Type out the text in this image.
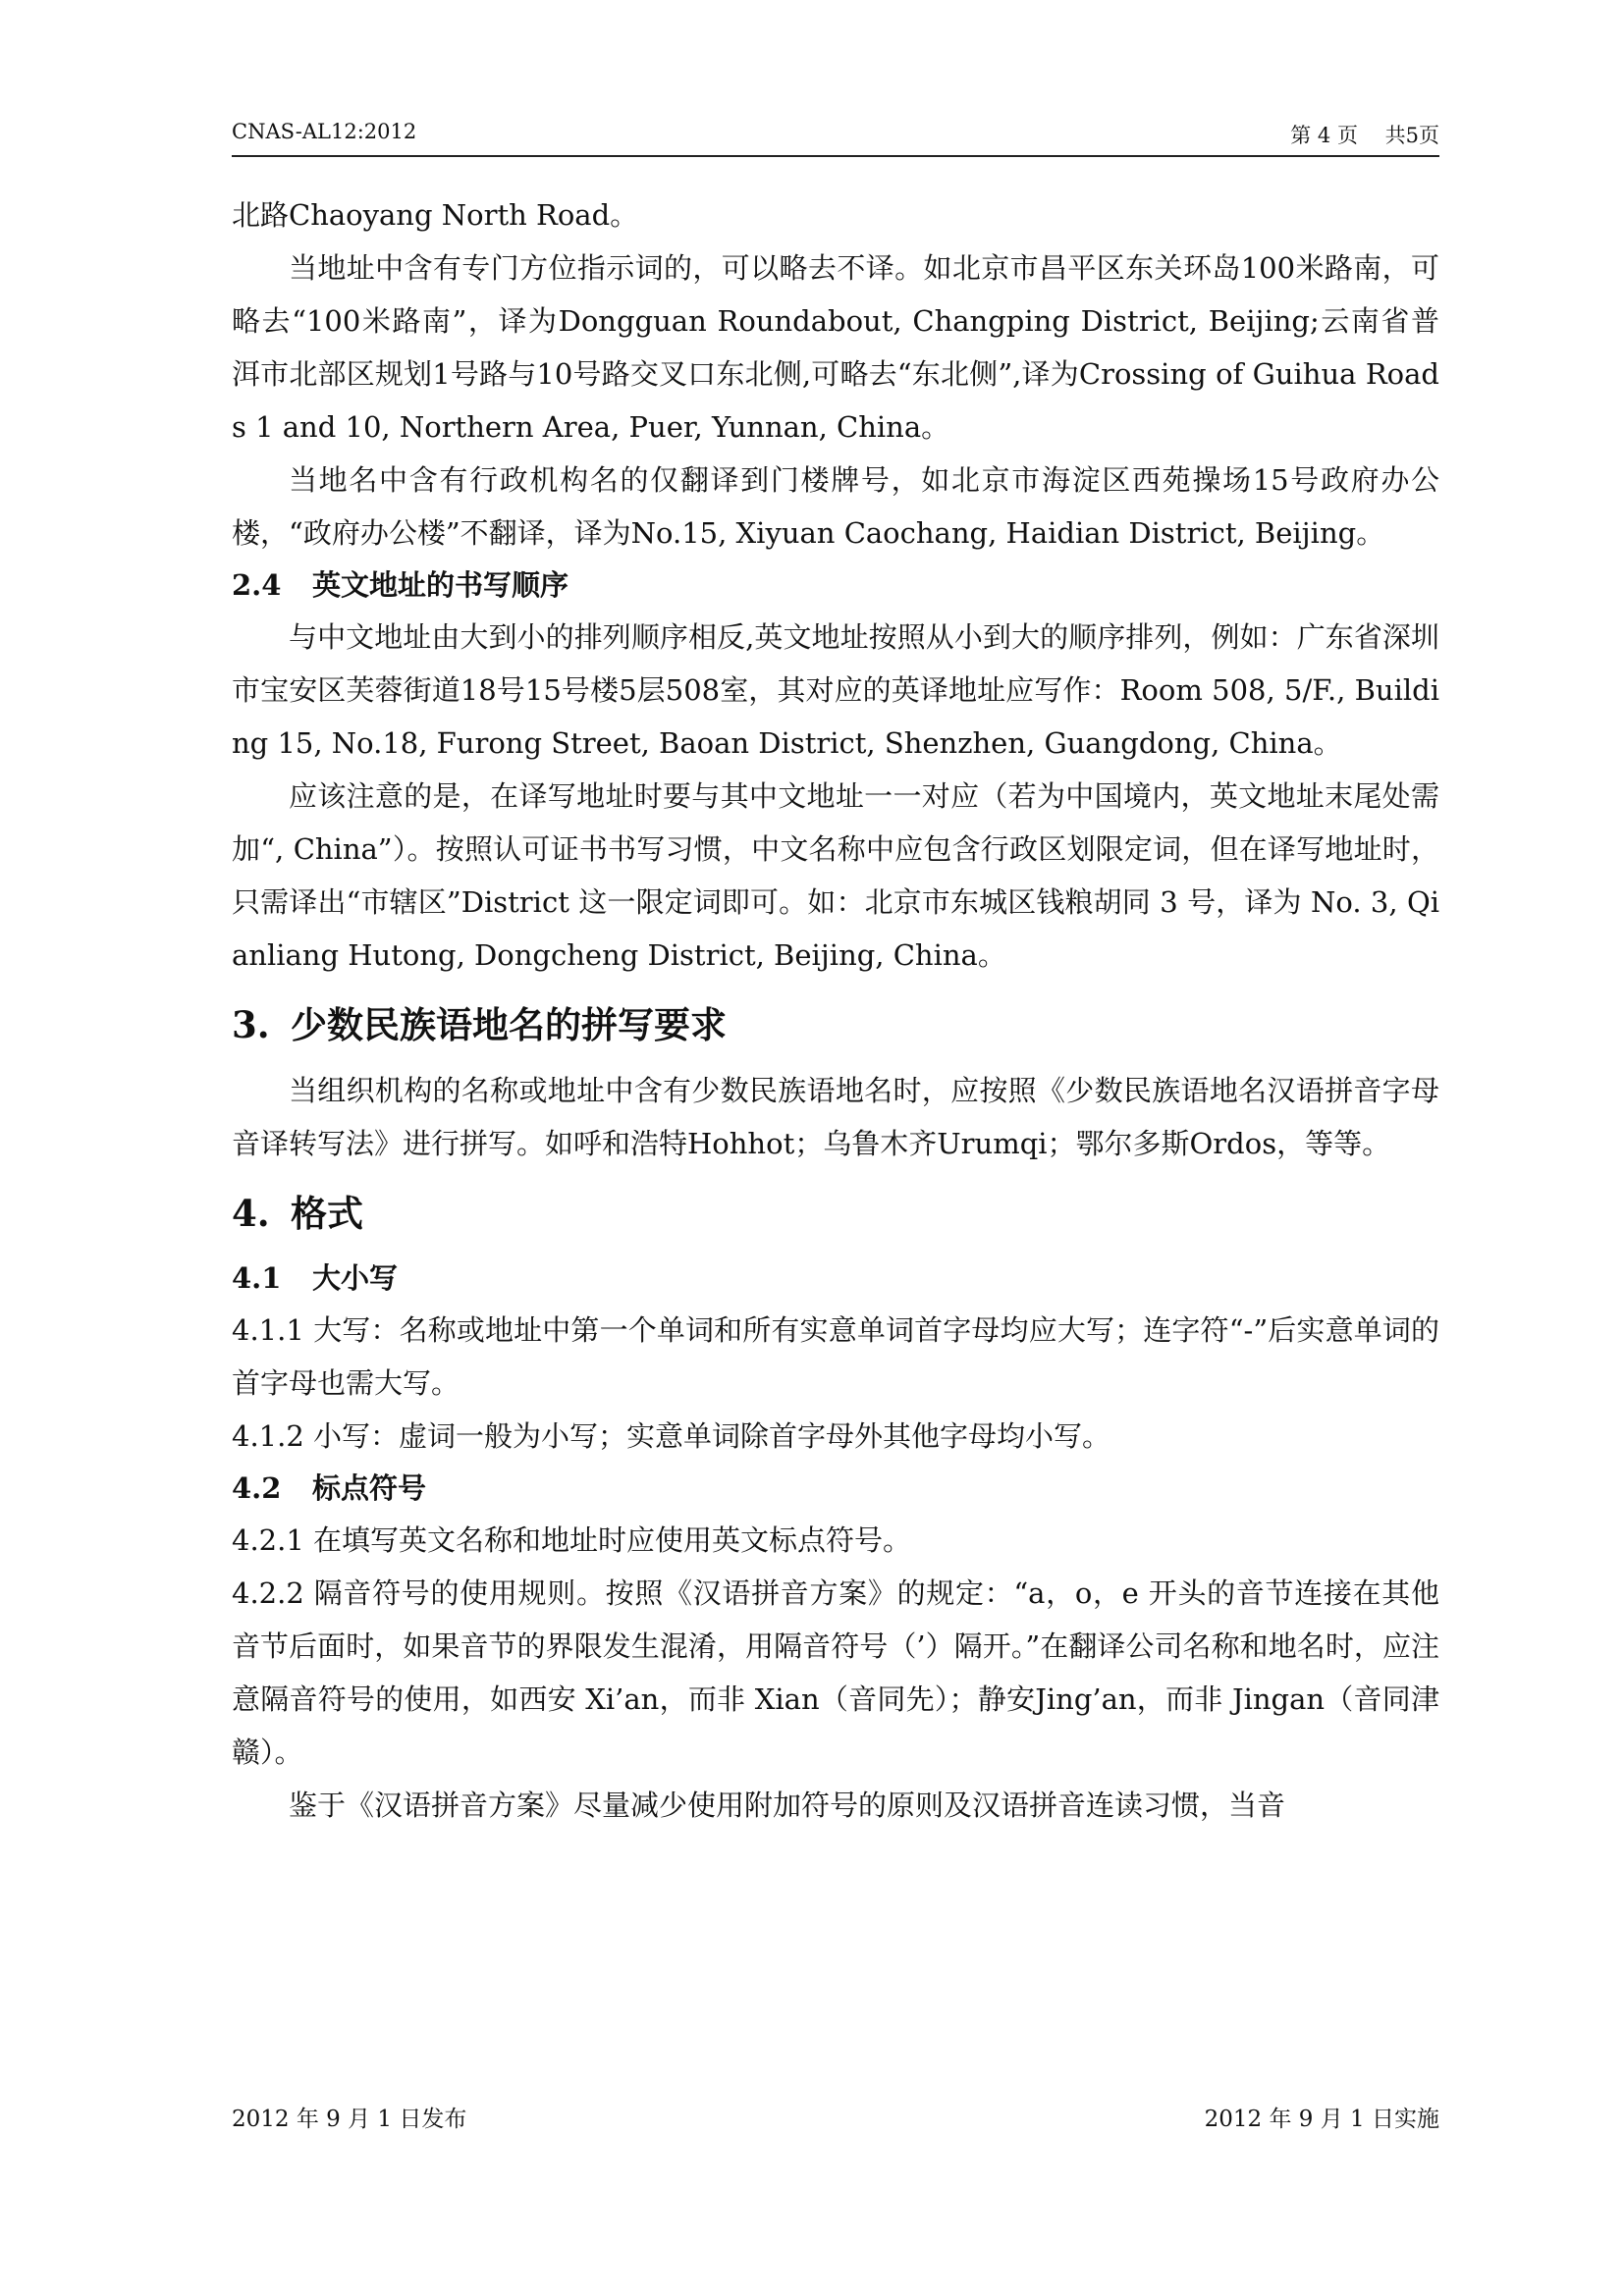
CNAS-AL12:2012	第 4 页　 共5页

北路Chaoyang North Road。

当地址中含有专门方位指示词的，可以略去不译。如北京市昌平区东关环岛100米路南，可略去“100米路南”，译为Dongguan Roundabout, Changping District, Beijing;云南省普洱市北部区规划1号路与10号路交叉口东北侧,可略去“东北侧”,译为Crossing of Guihua Roads 1 and 10, Northern Area, Puer, Yunnan, China。

当地名中含有行政机构名的仅翻译到门楼牌号，如北京市海淀区西苑操场15号政府办公楼，“政府办公楼”不翻译，译为No.15, Xiyuan Caochang, Haidian District, Beijing。

2.4 英文地址的书写顺序

与中文地址由大到小的排列顺序相反,英文地址按照从小到大的顺序排列，例如：广东省深圳市宝安区芙蓉街道18号15号楼5层508室，其对应的英译地址应写作：Room 508, 5/F., Building 15, No.18, Furong Street, Baoan District, Shenzhen, Guangdong, China。

应该注意的是，在译写地址时要与其中文地址一一对应（若为中国境内，英文地址末尾处需加“, China”）。按照认可证书书写习惯，中文名称中应包含行政区划限定词，但在译写地址时，只需译出“市辖区”District 这一限定词即可。如：北京市东城区钱粮胡同 3 号，译为 No. 3, Qianliang Hutong, Dongcheng District, Beijing, China。

3. 少数民族语地名的拼写要求

当组织机构的名称或地址中含有少数民族语地名时，应按照《少数民族语地名汉语拼音字母音译转写法》进行拼写。如呼和浩特Hohhot；乌鲁木齐Urumqi；鄂尔多斯Ordos，等等。

4. 格式
4.1 大小写

4.1.1 大写：名称或地址中第一个单词和所有实意单词首字母均应大写；连字符“-”后实意单词的首字母也需大写。

4.1.2 小写：虚词一般为小写；实意单词除首字母外其他字母均小写。

4.2 标点符号

4.2.1 在填写英文名称和地址时应使用英文标点符号。

4.2.2 隔音符号的使用规则。按照《汉语拼音方案》的规定：“a，o，e 开头的音节连接在其他音节后面时，如果音节的界限发生混淆，用隔音符号（’）隔开。”在翻译公司名称和地名时，应注意隔音符号的使用，如西安 Xi’an，而非 Xian（音同先）；静安Jing’an，而非 Jingan（音同津赣）。

鉴于《汉语拼音方案》尽量减少使用附加符号的原则及汉语拼音连读习惯，当音

2012 年 9 月 1 日发布	2012 年 9 月 1 日实施
